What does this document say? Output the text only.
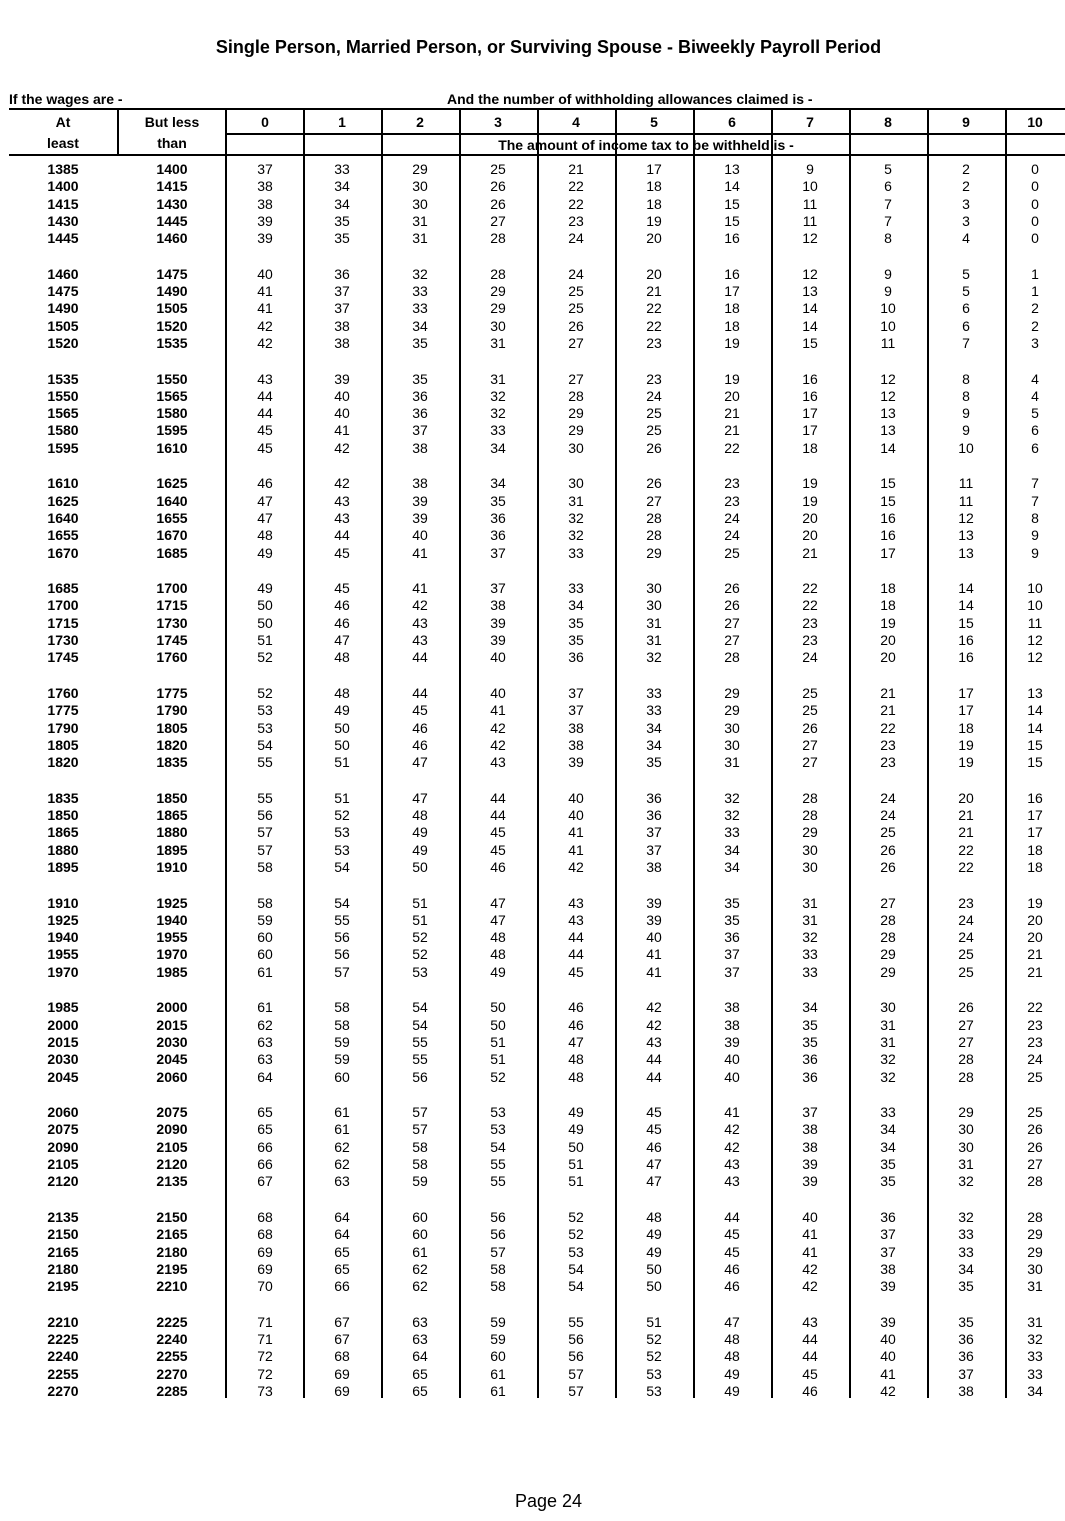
Single Person, Married Person, or Surviving Spouse - Biweekly Payroll Period
If the wages are -	And the number of withholding allowances claimed is -
At
least
But less
than
0	1	2	3	4	5	6	7	8	9	10
The amount of income tax to be withheld is -
1385	1400	37	33	29	25	21	17	13	9	5	2	0
1400	1415	38	34	30	26	22	18	14	10	6	2	0
1415	1430	38	34	30	26	22	18	15	11	7	3	0
1430	1445	39	35	31	27	23	19	15	11	7	3	0
1445	1460	39	35	31	28	24	20	16	12	8	4	0
1460	1475	40	36	32	28	24	20	16	12	9	5	1
1475	1490	41	37	33	29	25	21	17	13	9	5	1
1490	1505	41	37	33	29	25	22	18	14	10	6	2
1505	1520	42	38	34	30	26	22	18	14	10	6	2
1520	1535	42	38	35	31	27	23	19	15	11	7	3
1535	1550	43	39	35	31	27	23	19	16	12	8	4
1550	1565	44	40	36	32	28	24	20	16	12	8	4
1565	1580	44	40	36	32	29	25	21	17	13	9	5
1580	1595	45	41	37	33	29	25	21	17	13	9	6
1595	1610	45	42	38	34	30	26	22	18	14	10	6
1610	1625	46	42	38	34	30	26	23	19	15	11	7
1625	1640	47	43	39	35	31	27	23	19	15	11	7
1640	1655	47	43	39	36	32	28	24	20	16	12	8
1655	1670	48	44	40	36	32	28	24	20	16	13	9
1670	1685	49	45	41	37	33	29	25	21	17	13	9
1685	1700	49	45	41	37	33	30	26	22	18	14	10
1700	1715	50	46	42	38	34	30	26	22	18	14	10
1715	1730	50	46	43	39	35	31	27	23	19	15	11
1730	1745	51	47	43	39	35	31	27	23	20	16	12
1745	1760	52	48	44	40	36	32	28	24	20	16	12
1760	1775	52	48	44	40	37	33	29	25	21	17	13
1775	1790	53	49	45	41	37	33	29	25	21	17	14
1790	1805	53	50	46	42	38	34	30	26	22	18	14
1805	1820	54	50	46	42	38	34	30	27	23	19	15
1820	1835	55	51	47	43	39	35	31	27	23	19	15
1835	1850	55	51	47	44	40	36	32	28	24	20	16
1850	1865	56	52	48	44	40	36	32	28	24	21	17
1865	1880	57	53	49	45	41	37	33	29	25	21	17
1880	1895	57	53	49	45	41	37	34	30	26	22	18
1895	1910	58	54	50	46	42	38	34	30	26	22	18
1910	1925	58	54	51	47	43	39	35	31	27	23	19
1925	1940	59	55	51	47	43	39	35	31	28	24	20
1940	1955	60	56	52	48	44	40	36	32	28	24	20
1955	1970	60	56	52	48	44	41	37	33	29	25	21
1970	1985	61	57	53	49	45	41	37	33	29	25	21
1985	2000	61	58	54	50	46	42	38	34	30	26	22
2000	2015	62	58	54	50	46	42	38	35	31	27	23
2015	2030	63	59	55	51	47	43	39	35	31	27	23
2030	2045	63	59	55	51	48	44	40	36	32	28	24
2045	2060	64	60	56	52	48	44	40	36	32	28	25
2060	2075	65	61	57	53	49	45	41	37	33	29	25
2075	2090	65	61	57	53	49	45	42	38	34	30	26
2090	2105	66	62	58	54	50	46	42	38	34	30	26
2105	2120	66	62	58	55	51	47	43	39	35	31	27
2120	2135	67	63	59	55	51	47	43	39	35	32	28
2135	2150	68	64	60	56	52	48	44	40	36	32	28
2150	2165	68	64	60	56	52	49	45	41	37	33	29
2165	2180	69	65	61	57	53	49	45	41	37	33	29
2180	2195	69	65	62	58	54	50	46	42	38	34	30
2195	2210	70	66	62	58	54	50	46	42	39	35	31
2210	2225	71	67	63	59	55	51	47	43	39	35	31
2225	2240	71	67	63	59	56	52	48	44	40	36	32
2240	2255	72	68	64	60	56	52	48	44	40	36	33
2255	2270	72	69	65	61	57	53	49	45	41	37	33
2270	2285	73	69	65	61	57	53	49	46	42	38	34
Page 24
